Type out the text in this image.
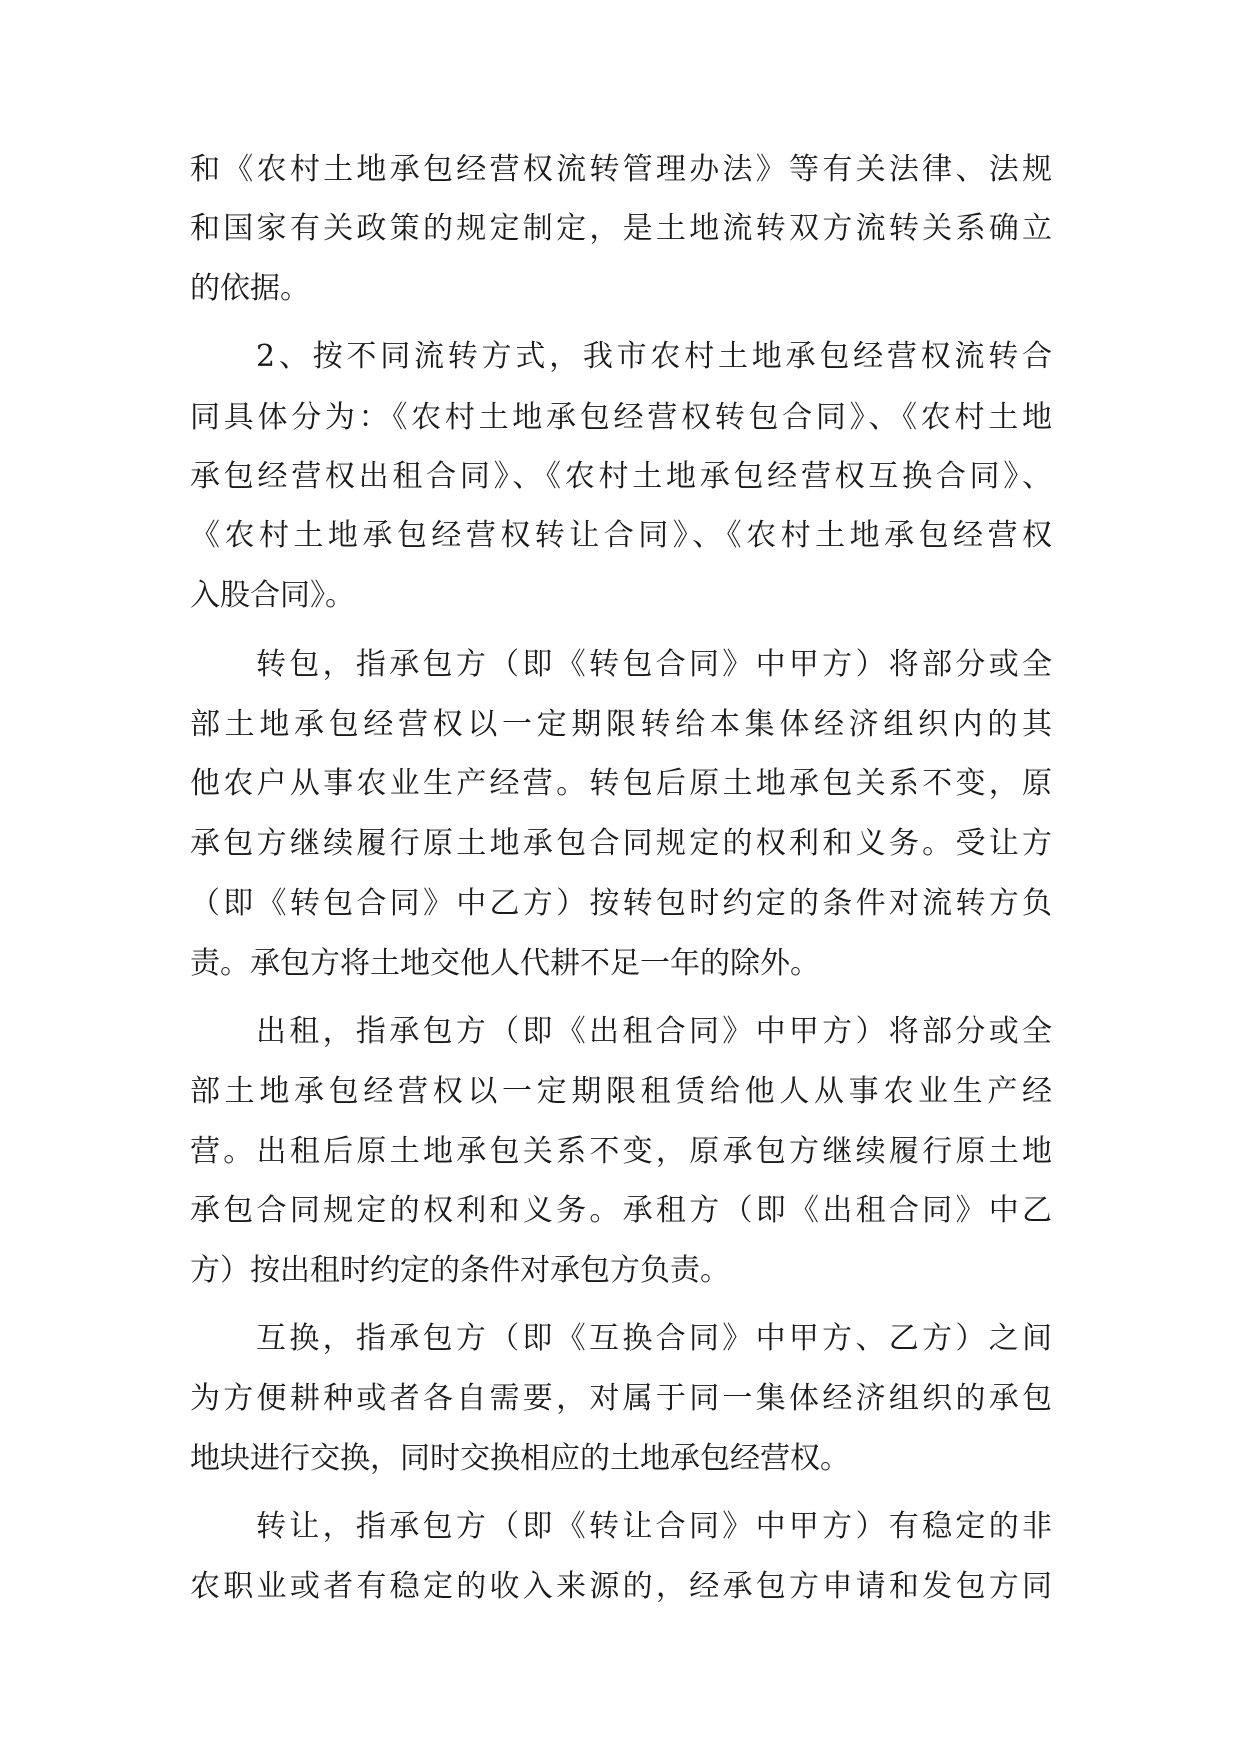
和《农村土地承包经营权流转管理办法》等有关法律、法规
和国家有关政策的规定制定，是土地流转双方流转关系确立
的依据。
2、按不同流转方式，我市农村土地承包经营权流转合
同具体分为：《农村土地承包经营权转包合同》、《农村土地
承包经营权出租合同》、《农村土地承包经营权互换合同》、
《农村土地承包经营权转让合同》、《农村土地承包经营权
入股合同》。
转包，指承包方（即《转包合同》中甲方）将部分或全
部土地承包经营权以一定期限转给本集体经济组织内的其
他农户从事农业生产经营。转包后原土地承包关系不变，原
承包方继续履行原土地承包合同规定的权利和义务。受让方
（即《转包合同》中乙方）按转包时约定的条件对流转方负
责。承包方将土地交他人代耕不足一年的除外。
出租，指承包方（即《出租合同》中甲方）将部分或全
部土地承包经营权以一定期限租赁给他人从事农业生产经
营。出租后原土地承包关系不变，原承包方继续履行原土地
承包合同规定的权利和义务。承租方（即《出租合同》中乙
方）按出租时约定的条件对承包方负责。
互换，指承包方（即《互换合同》中甲方、乙方）之间
为方便耕种或者各自需要，对属于同一集体经济组织的承包
地块进行交换，同时交换相应的土地承包经营权。
转让，指承包方（即《转让合同》中甲方）有稳定的非
农职业或者有稳定的收入来源的，经承包方申请和发包方同
